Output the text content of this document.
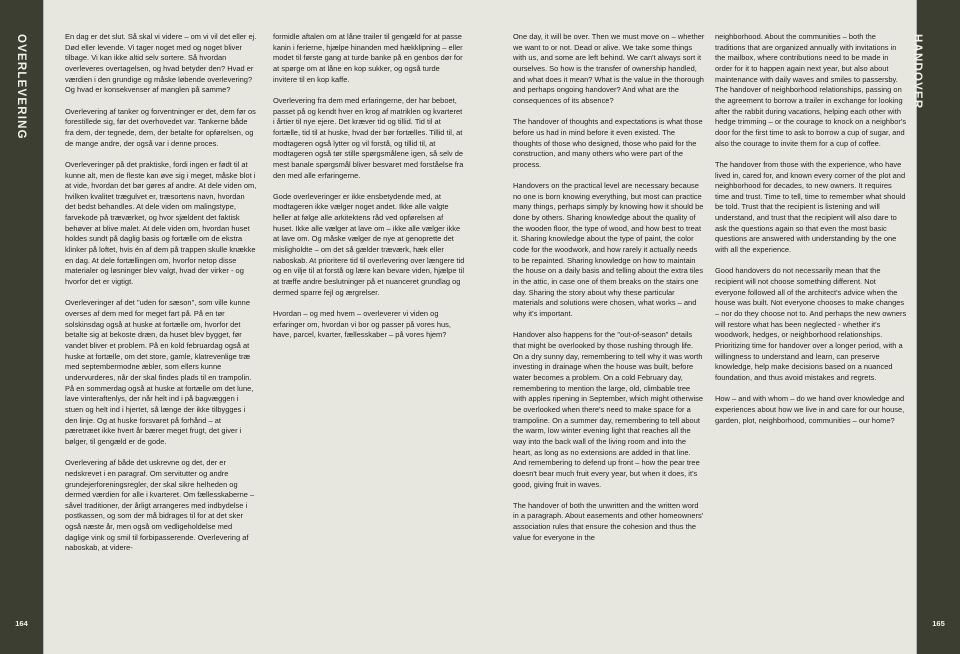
OVERLEVERING	HANDOVER
164	165

En dag er det slut. Så skal vi videre – om vi vil det eller ej. Død eller levende. Vi tager noget med og noget bliver tilbage. Vi kan ikke altid selv sortere. Så hvordan overleveres overtagelsen, og hvad betyder den? Hvad er værdien i den grundige og måske løbende overlevering? Og hvad er konsekvenser af manglen på samme?

Overlevering af tanker og forventninger er det, dem før os forestillede sig, før det overhovedet var. Tankerne både fra dem, der tegnede, dem, der betalte for opførelsen, og de mange andre, der også var i denne proces.

Overleveringer på det praktiske, fordi ingen er født til at kunne alt, men de fleste kan øve sig i meget, måske blot i at vide, hvordan det bør gøres af andre. At dele viden om, hvilken kvalitet trægulvet er, træsortens navn, hvordan det bedst behandles. At dele viden om malingstype, farvekode på træværket, og hvor sjældent det faktisk behøver at blive malet. At dele viden om, hvordan huset holdes sundt på daglig basis og fortælle om de ekstra klinker på loftet, hvis én af dem på trappen skulle knække en dag. At dele fortællingen om, hvorfor netop disse materialer og løsninger blev valgt, hvad der virker - og hvorfor det er vigtigt.

Overleveringer af det "uden for sæson", som ville kunne overses af dem med for meget fart på. På en tør solskinsdag også at huske at fortælle om, hvorfor det betalte sig at bekoste dræn, da huset blev bygget, før vandet bliver et problem. På en kold februardag også at huske at fortælle, om det store, gamle, klatrevenlige træ med septembermodne æbler, som ellers kunne undervurderes, når der skal findes plads til en trampolin. På en sommerdag også at huske at fortælle om det lune, lave vinteraftenlys, der når helt ind i på bagvæggen i stuen og helt ind i hjertet, så længe der ikke tilbygges i den linje. Og at huske forsvaret på forhånd – at pæretræet ikke hvert år bærer meget frugt, det giver i bølger, til gengæld er de gode.

Overlevering af både det uskrevne og det, der er nedskrevet i en paragraf. Om servitutter og andre grundejerforeningsregler, der skal sikre helheden og dermed værdien for alle i kvarteret. Om fællesskaberne – såvel traditioner, der årligt arrangeres med indbydelse i postkassen, og som der må bidrages til for at det sker også næste år, men også om vedligeholdelse med daglige vink og smil til forbipasserende. Overlevering af naboskab, at videre-

formidle aftalen om at låne trailer til gengæld for at passe kanin i ferierne, hjælpe hinanden med hækklipning – eller modet til første gang at turde banke på en genbos dør for at spørge om at låne en kop sukker, og også turde invitere til en kop kaffe.

Overlevering fra dem med erfaringerne, der har beboet, passet på og kendt hver en krog af matriklen og kvarteret i årtier til nye ejere. Det kræver tid og tillid. Tid til at fortælle, tid til at huske, hvad der bør fortælles. Tillid til, at modtageren også lytter og vil forstå, og tillid til, at modtageren også tør stille spørgsmålene igen, så selv de mest banale spørgsmål bliver besvaret med forståelse fra den med alle erfaringerne.

Gode overleveringer er ikke ensbetydende med, at modtageren ikke vælger noget andet. Ikke alle valgte heller at følge alle arkitektens råd ved opførelsen af huset. Ikke alle vælger at lave om – ikke alle vælger ikke at lave om. Og måske vælger de nye at genoprette det misligholdte – om det så gælder træværk, hæk eller naboskab. At prioritere tid til overlevering over længere tid og en vilje til at forstå og lære kan bevare viden, hjælpe til at træffe andre beslutninger på et nuanceret grundlag og dermed sparre fejl og ærgrelser.

Hvordan – og med hvem – overleverer vi viden og erfaringer om, hvordan vi bor og passer på vores hus, have, parcel, kvarter, fællesskaber – på vores hjem?

One day, it will be over. Then we must move on – whether we want to or not. Dead or alive. We take some things with us, and some are left behind. We can't always sort it ourselves. So how is the transfer of ownership handled, and what does it mean? What is the value in the thorough and perhaps ongoing handover? And what are the consequences of its absence?

The handover of thoughts and expectations is what those before us had in mind before it even existed. The thoughts of those who designed, those who paid for the construction, and many others who were part of the process.

Handovers on the practical level are necessary because no one is born knowing everything, but most can practice many things, perhaps simply by knowing how it should be done by others. Sharing knowledge about the quality of the wooden floor, the type of wood, and how best to treat it. Sharing knowledge about the type of paint, the color code for the woodwork, and how rarely it actually needs to be repainted. Sharing knowledge on how to maintain the house on a daily basis and telling about the extra tiles in the attic, in case one of them breaks on the stairs one day. Sharing the story about why these particular materials and solutions were chosen, what works – and why it's important.

Handover also happens for the "out-of-season" details that might be overlooked by those rushing through life. On a dry sunny day, remembering to tell why it was worth investing in drainage when the house was built, before water becomes a problem. On a cold February day, remembering to mention the large, old, climbable tree with apples ripening in September, which might otherwise be overlooked when there's need to make space for a trampoline. On a summer day, remembering to tell about the warm, low winter evening light that reaches all the way into the back wall of the living room and into the heart, as long as no extensions are added in that line. And remembering to defend up front – how the pear tree doesn't bear much fruit every year, but when it does, it's good, giving fruit in waves.

The handover of both the unwritten and the written word in a paragraph. About easements and other homeowners' association rules that ensure the cohesion and thus the value for everyone in the

neighborhood. About the communities – both the traditions that are organized annually with invitations in the mailbox, where contributions need to be made in order for it to happen again next year, but also about maintenance with daily waves and smiles to passersby. The handover of neighborhood relationships, passing on the agreement to borrow a trailer in exchange for looking after the rabbit during vacations, helping each other with hedge trimming – or the courage to knock on a neighbor's door for the first time to ask to borrow a cup of sugar, and also the courage to invite them for a cup of coffee.

The handover from those with the experience, who have lived in, cared for, and known every corner of the plot and neighborhood for decades, to new owners. It requires time and trust. Time to tell, time to remember what should be told. Trust that the recipient is listening and will understand, and trust that the recipient will also dare to ask the questions again so that even the most basic questions are answered with understanding by the one with all the experience.

Good handovers do not necessarily mean that the recipient will not choose something different. Not everyone followed all of the architect's advice when the house was built. Not everyone chooses to make changes – nor do they choose not to. And perhaps the new owners will restore what has been neglected - whether it's woodwork, hedges, or neighborhood relationships. Prioritizing time for handover over a longer period, with a willingness to understand and learn, can preserve knowledge, help make decisions based on a nuanced foundation, and thus avoid mistakes and regrets.

How – and with whom – do we hand over knowledge and experiences about how we live in and care for our house, garden, plot, neighborhood, communities – our home?
